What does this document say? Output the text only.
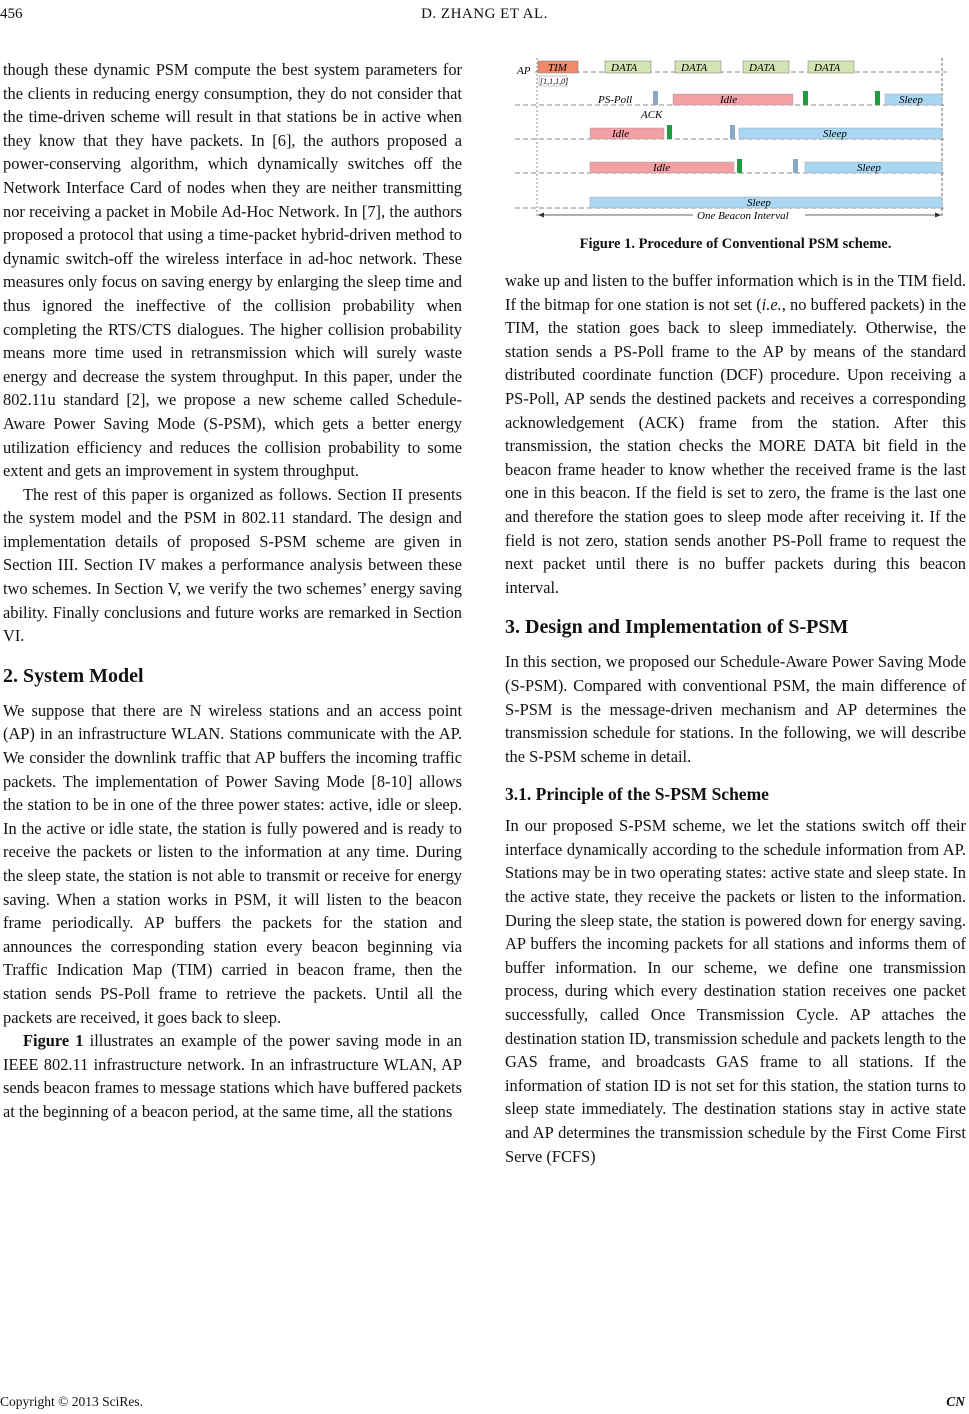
456	D. ZHANG ET AL.

though these dynamic PSM compute the best system parameters for the clients in reducing energy consumption, they do not consider that the time-driven scheme will result in that stations be in active when they know that they have packets. In [6], the authors proposed a power-conserving algorithm, which dynamically switches off the Network Interface Card of nodes when they are neither transmitting nor receiving a packet in Mobile Ad-Hoc Network. In [7], the authors proposed a protocol that using a time-packet hybrid-driven method to dynamic switch-off the wireless interface in ad-hoc network. These measures only focus on saving energy by enlarging the sleep time and thus ignored the ineffective of the collision probability when completing the RTS/CTS dialogues. The higher collision probability means more time used in retransmission which will surely waste energy and decrease the system throughput. In this paper, under the 802.11u standard [2], we propose a new scheme called Schedule-Aware Power Saving Mode (S-PSM), which gets a better energy utilization efficiency and reduces the collision probability to some extent and gets an improvement in system throughput.

The rest of this paper is organized as follows. Section II presents the system model and the PSM in 802.11 standard. The design and implementation details of proposed S-PSM scheme are given in Section III. Section IV makes a performance analysis between these two schemes. In Section V, we verify the two schemes’ energy saving ability. Finally conclusions and future works are remarked in Section VI.

2. System Model

We suppose that there are N wireless stations and an access point (AP) in an infrastructure WLAN. Stations communicate with the AP. We consider the downlink traffic that AP buffers the incoming traffic packets. The implementation of Power Saving Mode [8-10] allows the station to be in one of the three power states: active, idle or sleep. In the active or idle state, the station is fully powered and is ready to receive the packets or listen to the information at any time. During the sleep state, the station is not able to transmit or receive for energy saving. When a station works in PSM, it will listen to the beacon frame periodically. AP buffers the packets for the station and announces the corresponding station every beacon beginning via Traffic Indication Map (TIM) carried in beacon frame, then the station sends PS-Poll frame to retrieve the packets. Until all the packets are received, it goes back to sleep.

Figure 1 illustrates an example of the power saving mode in an IEEE 802.11 infrastructure network. In an infrastructure WLAN, AP sends beacon frames to message stations which have buffered packets at the beginning of a beacon period, at the same time, all the stations

AP TIM	DATA	DATA	DATA	DATA
[1,1,1,0]
PS-Poll	Idle	Sleep
ACK
Idle	Sleep
Idle	Sleep
Sleep
One Beacon Interval
Figure 1. Procedure of Conventional PSM scheme.

wake up and listen to the buffer information which is in the TIM field. If the bitmap for one station is not set (i.e., no buffered packets) in the TIM, the station goes back to sleep immediately. Otherwise, the station sends a PS-Poll frame to the AP by means of the standard distributed coordinate function (DCF) procedure. Upon receiving a PS-Poll, AP sends the destined packets and receives a corresponding acknowledgement (ACK) frame from the station. After this transmission, the station checks the MORE DATA bit field in the beacon frame header to know whether the received frame is the last one in this beacon. If the field is set to zero, the frame is the last one and therefore the station goes to sleep mode after receiving it. If the field is not zero, station sends another PS-Poll frame to request the next packet until there is no buffer packets during this beacon interval.

3. Design and Implementation of S-PSM

In this section, we proposed our Schedule-Aware Power Saving Mode (S-PSM). Compared with conventional PSM, the main difference of S-PSM is the message-driven mechanism and AP determines the transmission schedule for stations. In the following, we will describe the S-PSM scheme in detail.

3.1. Principle of the S-PSM Scheme

In our proposed S-PSM scheme, we let the stations switch off their interface dynamically according to the schedule information from AP. Stations may be in two operating states: active state and sleep state. In the active state, they receive the packets or listen to the information. During the sleep state, the station is powered down for energy saving. AP buffers the incoming packets for all stations and informs them of buffer information. In our scheme, we define one transmission process, during which every destination station receives one packet successfully, called Once Transmission Cycle. AP attaches the destination station ID, transmission schedule and packets length to the GAS frame, and broadcasts GAS frame to all stations. If the information of station ID is not set for this station, the station turns to sleep state immediately. The destination stations stay in active state and AP determines the transmission schedule by the First Come First Serve (FCFS)

Copyright © 2013 SciRes.	CN
